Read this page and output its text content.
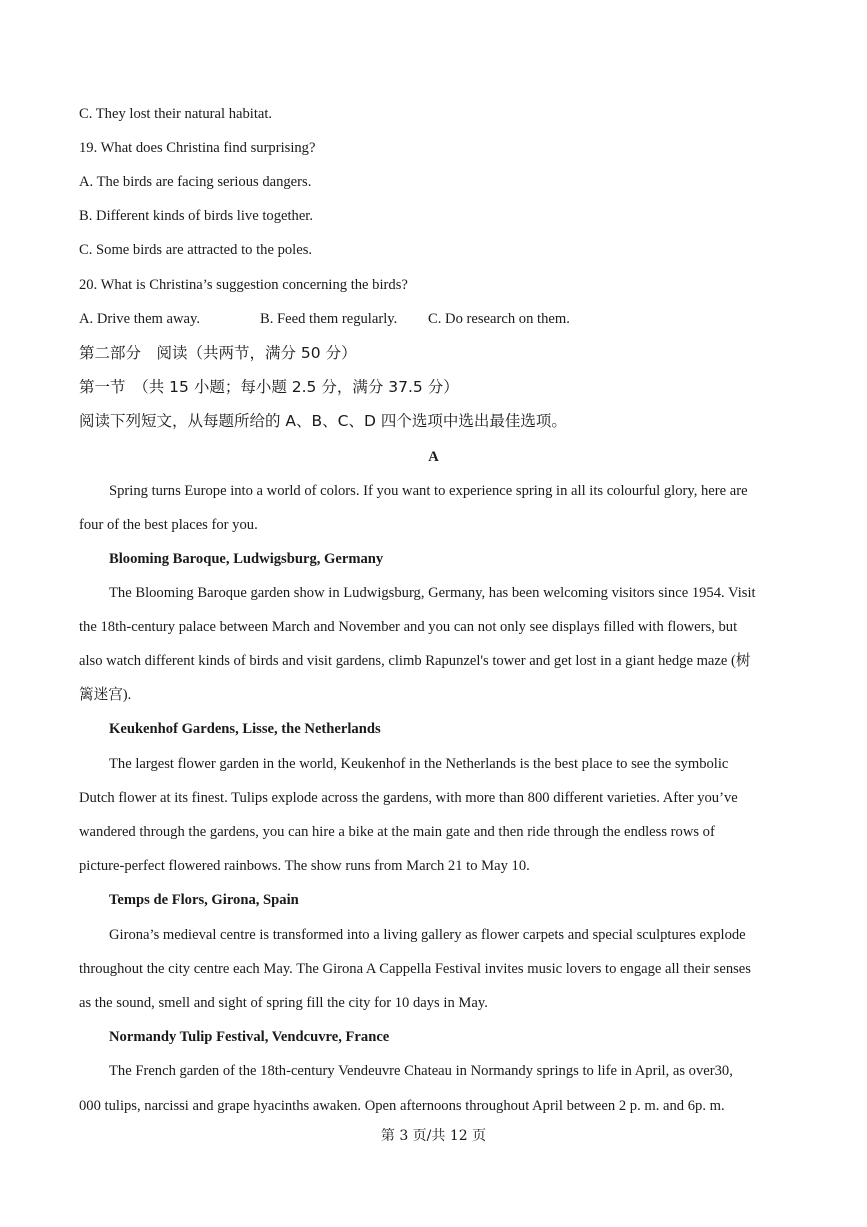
C. They lost their natural habitat.
19. What does Christina find surprising?
A. The birds are facing serious dangers.
B. Different kinds of birds live together.
C. Some birds are attracted to the poles.
20. What is Christina’s suggestion concerning the birds?
A. Drive them away.	B. Feed them regularly. C. Do research on them.
第二部分　阅读（共两节，满分 50 分）
第一节　（共 15 小题；每小题 2.5 分，满分 37.5 分）
阅读下列短文，从每题所给的 A、B、C、D 四个选项中选出最佳选项。
A
Spring turns Europe into a world of colors. If you want to experience spring in all its colourful glory, here are
four of the best places for you.
Blooming Baroque, Ludwigsburg, Germany
The Blooming Baroque garden show in Ludwigsburg, Germany, has been welcoming visitors since 1954. Visit
the 18th-century palace between March and November and you can not only see displays filled with flowers, but
also watch different kinds of birds and visit gardens, climb Rapunzel's tower and get lost in a giant hedge maze (树
篱迷宫).
Keukenhof Gardens, Lisse, the Netherlands
The largest flower garden in the world, Keukenhof in the Netherlands is the best place to see the symbolic
Dutch flower at its finest. Tulips explode across the gardens, with more than 800 different varieties. After you’ve
wandered through the gardens, you can hire a bike at the main gate and then ride through the endless rows of
picture-perfect flowered rainbows. The show runs from March 21 to May 10.
Temps de Flors, Girona, Spain
Girona’s medieval centre is transformed into a living gallery as flower carpets and special sculptures explode
throughout the city centre each May. The Girona A Cappella Festival invites music lovers to engage all their senses
as the sound, smell and sight of spring fill the city for 10 days in May.
Normandy Tulip Festival, Vendcuvre, France
The French garden of the 18th-century Vendeuvre Chateau in Normandy springs to life in April, as over30,
000 tulips, narcissi and grape hyacinths awaken. Open afternoons throughout April between 2 p. m. and 6p. m.
第 3 页/共 12 页
